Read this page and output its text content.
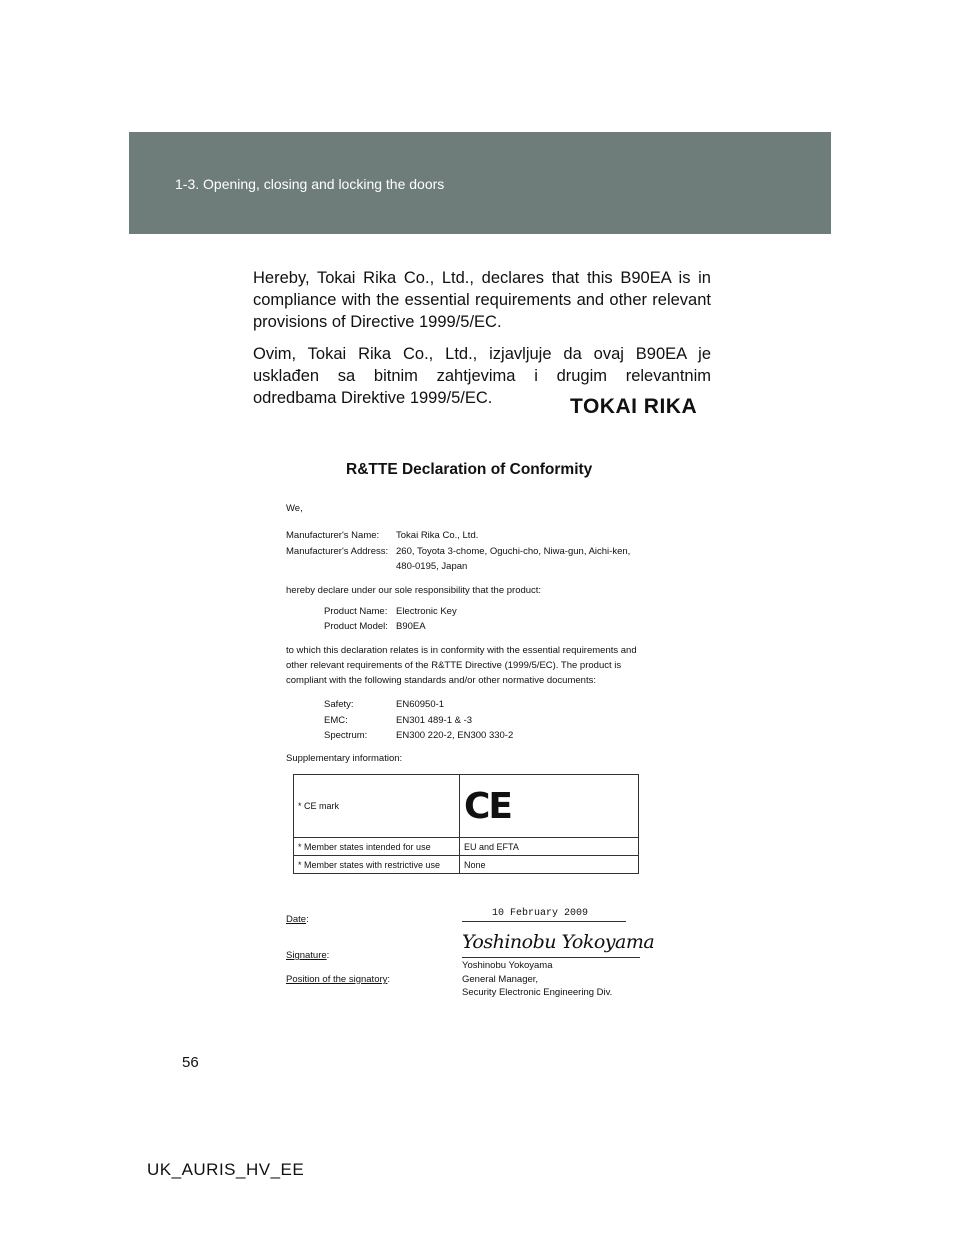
1-3. Opening, closing and locking the doors

Hereby, Tokai Rika Co., Ltd., declares that this B90EA is in compliance with the essential requirements and other relevant provisions of Directive 1999/5/EC.

Ovim, Tokai Rika Co., Ltd., izjavljuje da ovaj B90EA je usklađen sa bitnim zahtjevima i drugim relevantnim odredbama Direktive 1999/5/EC.	TOKAI RIKA
R&TTE Declaration of Conformity
We,
Manufacturer's Name: Tokai Rika Co., Ltd.
Manufacturer's Address: 260, Toyota 3-chome, Oguchi-cho, Niwa-gun, Aichi-ken,
480-0195, Japan
hereby declare under our sole responsibility that the product:
Product Name: Electronic Key
Product Model: B90EA
to which this declaration relates is in conformity with the essential requirements and
other relevant requirements of the R&TTE Directive (1999/5/EC). The product is
compliant with the following standards and/or other normative documents:
Safety:	EN60950-1
EMC:	EN301 489-1 & -3
Spectrum:	EN300 220-2, EN300 330-2
Supplementary information:
* CE mark	CE
* Member states intended for use	EU and EFTA
* Member states with restrictive use	None
Date:
10 February 2009
Signature:
Yoshinobu Yokoyama
Position of the signatory:
Yoshinobu Yokoyama
General Manager,
Security Electronic Engineering Div.
56
UK_AURIS_HV_EE
